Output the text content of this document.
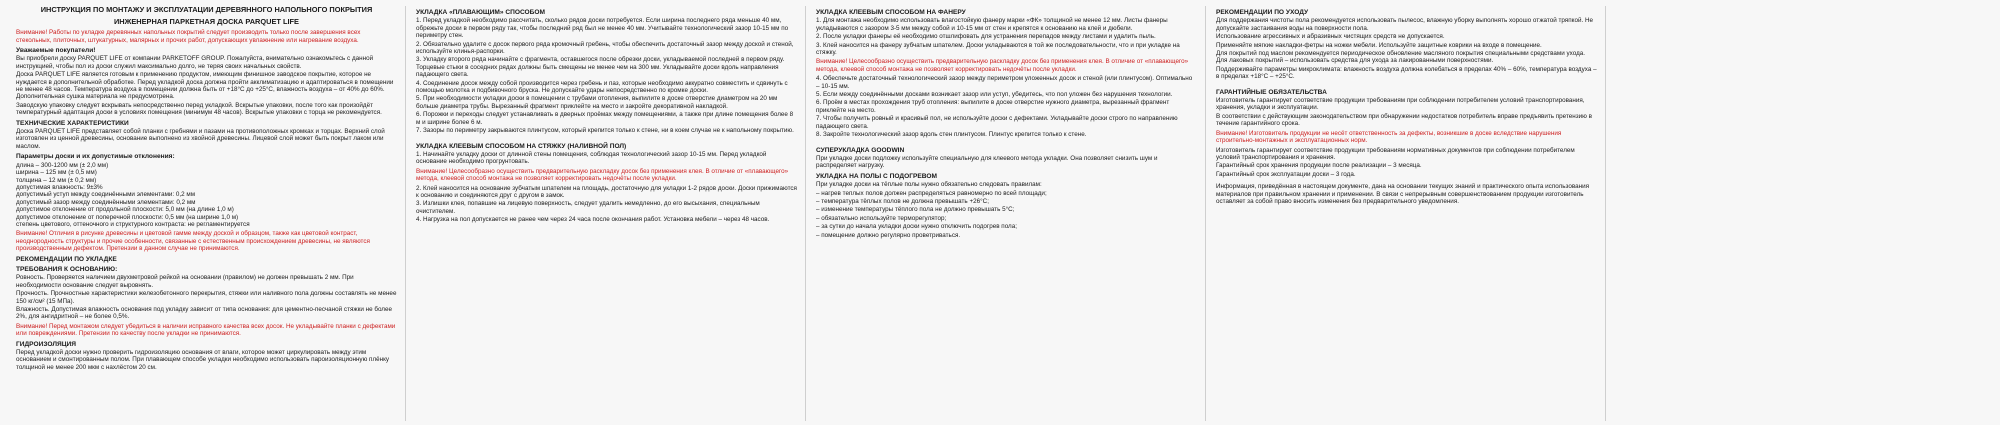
ИНСТРУКЦИЯ ПО МОНТАЖУ И ЭКСПЛУАТАЦИИ ДЕРЕВЯННОГО НАПОЛЬНОГО ПОКРЫТИЯ
ИНЖЕНЕРНАЯ ПАРКЕТНАЯ ДОСКА PARQUET LIFE

Внимание! Работы по укладке деревянных напольных покрытий следует производить только после завершения всех стекольных, плиточных, штукатурных, малярных и прочих работ, допускающих увлажнение или нагревание воздуха.

Уважаемые покупатели!

Вы приобрели доску PARQUET LIFE от компании PARKETOFF GROUP. Пожалуйста, внимательно ознакомьтесь с данной инструкцией, чтобы пол из доски служил максимально долго, не теряя своих начальных свойств.

Доска PARQUET LIFE является готовым к применению продуктом, имеющим финишное заводское покрытие, которое не нуждается в дополнительной обработке. Перед укладкой доска должна пройти акклиматизацию и адаптироваться в помещении не менее 48 часов. Температура воздуха в помещении должна быть от +18°С до +25°С, влажность воздуха – от 40% до 60%. Дополнительная сушка материала не предусмотрена.

Заводскую упаковку следует вскрывать непосредственно перед укладкой. Вскрытые упаковки, после того как произойдёт температурный адаптация доски в условиях помещения (минимум 48 часов). Вскрытые упаковки с торца не рекомендуется.

ТЕХНИЧЕСКИЕ ХАРАКТЕРИСТИКИ

Доска PARQUET LIFE представляет собой планки с гребнями и пазами на противоположных кромках и торцах. Верхний слой изготовлен из ценной древесины, основание выполнено из хвойной древесины. Лицевой слой может быть покрыт лаком или маслом.

Параметры доски и их допустимые отклонения:
длина – 300-1200 мм (± 2,0 мм)
ширина – 125 мм (± 0,5 мм)
толщина – 12 мм (± 0,2 мм)
допустимая влажность: 9±3%
допустимый уступ между соединёнными элементами: 0,2 мм
допустимый зазор между соединёнными элементами: 0,2 мм
допустимое отклонение от продольной плоскости: 5,0 мм (на длине 1,0 м)
допустимое отклонение от поперечной плоскости: 0,5 мм (на ширине 1,0 м)
степень цветового, оттеночного и структурного контраста: не регламентируется

Внимание! Отличия в рисунке древесины и цветовой гамме между доской и образцом, также как цветовой контраст, неоднородность структуры и прочие особенности, связанные с естественным происхождением древесины, не являются производственным дефектом. Претензии в данном случае не принимаются.

РЕКОМЕНДАЦИИ ПО УКЛАДКЕ
ТРЕБОВАНИЯ К ОСНОВАНИЮ:

Ровность. Проверяется наличием двухметровой рейкой на основании (правилом) не должен превышать 2 мм. При необходимости основание следует выровнять.

Прочность. Прочностные характеристики железобетонного перекрытия, стяжки или наливного пола должны составлять не менее 150 кг/см² (15 МПа).

Влажность. Допустимая влажность основания под укладку зависит от типа основания: для цементно-песчаной стяжки не более 2%, для ангидритной – не более 0,5%.

Внимание! Перед монтажом следует убедиться в наличии исправного качества всех досок. Не укладывайте планки с дефектами или повреждениями. Претензии по качеству после укладки не принимаются.

ГИДРОИЗОЛЯЦИЯ

Перед укладкой доски нужно проверить гидроизоляцию основания от влаги, которое может циркулировать между этим основанием и смонтированным полом. При плавающем способе укладки необходимо использовать пароизоляционную плёнку толщиной не менее 200 мкм с нахлёстом 20 см.

УКЛАДКА «ПЛАВАЮЩИМ» СПОСОБОМ

1. Перед укладкой необходимо рассчитать, сколько рядов доски потребуется. Если ширина последнего ряда меньше 40 мм, обрежьте доски в первом ряду так, чтобы последний ряд был не менее 40 мм. Учитывайте технологический зазор 10-15 мм по периметру стен.

2. Обязательно удалите с досок первого ряда кромочный гребень, чтобы обеспечить достаточный зазор между доской и стеной, используйте клинья-распорки.

3. Укладку второго ряда начинайте с фрагмента, оставшегося после обрезки доски, укладываемой последней в первом ряду. Торцевые стыки в соседних рядах должны быть смещены не менее чем на 300 мм. Укладывайте доски вдоль направления падающего света.

4. Соединение досок между собой производится через гребень и паз, которые необходимо аккуратно совместить и сдвинуть с помощью молотка и подбивочного бруска. Не допускайте удары непосредственно по кромке доски.

5. При необходимости укладки доски в помещении с трубами отопления, выпилите в доске отверстие диаметром на 20 мм больше диаметра трубы. Вырезанный фрагмент приклейте на место и закройте декоративной накладкой.

6. Порожки и переходы следует устанавливать в дверных проёмах между помещениями, а также при длине помещения более 8 м и ширине более 6 м.

7. Зазоры по периметру закрываются плинтусом, который крепится только к стене, ни в коем случае не к напольному покрытию.

УКЛАДКА КЛЕЕВЫМ СПОСОБОМ НА СТЯЖКУ (НАЛИВНОЙ ПОЛ)

1. Начинайте укладку доски от длинной стены помещения, соблюдая технологический зазор 10-15 мм. Перед укладкой основание необходимо прогрунтовать.

Внимание! Целесообразно осуществить предварительную раскладку досок без применения клея. В отличие от «плавающего» метода, клеевой способ монтажа не позволяет корректировать недочёты после укладки.

2. Клей наносится на основание зубчатым шпателем на площадь, достаточную для укладки 1-2 рядов доски. Доски прижимаются к основанию и соединяются друг с другом в замок.

3. Излишки клея, попавшие на лицевую поверхность, следует удалить немедленно, до его высыхания, специальным очистителем.

4. Нагрузка на пол допускается не ранее чем через 24 часа после окончания работ. Установка мебели – через 48 часов.

УКЛАДКА КЛЕЕВЫМ СПОСОБОМ НА ФАНЕРУ

1. Для монтажа необходимо использовать влагостойкую фанеру марки «ФК» толщиной не менее 12 мм. Листы фанеры укладываются с зазором 3-5 мм между собой и 10-15 мм от стен и крепятся к основанию на клей и дюбели.

2. После укладки фанеры её необходимо отшлифовать для устранения перепадов между листами и удалить пыль.

3. Клей наносится на фанеру зубчатым шпателем. Доски укладываются в той же последовательности, что и при укладке на стяжку.

Внимание! Целесообразно осуществить предварительную раскладку досок без применения клея. В отличие от «плавающего» метода, клеевой способ монтажа не позволяет корректировать недочёты после укладки.

4. Обеспечьте достаточный технологический зазор между периметром уложенных досок и стеной (или плинтусом). Оптимально – 10-15 мм.

5. Если между соединёнными досками возникает зазор или уступ, убедитесь, что пол уложен без нарушения технологии.

6. Проём в местах прохождения труб отопления: выпилите в доске отверстие нужного диаметра, вырезанный фрагмент приклейте на место.

7. Чтобы получить ровный и красивый пол, не используйте доски с дефектами. Укладывайте доски строго по направлению падающего света.

8. Закройте технологический зазор вдоль стен плинтусом. Плинтус крепится только к стене.

СУПЕРУКЛАДКА GOODWIN

При укладке доски подложку используйте специальную для клеевого метода укладки. Она позволяет снизить шум и распределяет нагрузку.

УКЛАДКА НА ПОЛЫ С ПОДОГРЕВОМ

При укладке доски на тёплые полы нужно обязательно следовать правилам:

– нагрев теплых полов должен распределяться равномерно по всей площади;

– температура тёплых полов не должна превышать +26°С;

– изменение температуры тёплого пола не должно превышать 5°С;

– обязательно используйте терморегулятор;

– за сутки до начала укладки доски нужно отключить подогрев пола;

– помещение должно регулярно проветриваться.

РЕКОМЕНДАЦИИ ПО УХОДУ

Для поддержания чистоты пола рекомендуется использовать пылесос, влажную уборку выполнять хорошо отжатой тряпкой. Не допускайте застаивания воды на поверхности пола.

Использование агрессивных и абразивных чистящих средств не допускается.

Применяйте мягкие накладки-фетры на ножки мебели. Используйте защитные коврики на входе в помещение.

Для покрытий под маслом рекомендуется периодическое обновление масляного покрытия специальными средствами ухода. Для лаковых покрытий – использовать средства для ухода за лакированными поверхностями.

Поддерживайте параметры микроклимата: влажность воздуха должна колебаться в пределах 40% – 60%, температура воздуха – в пределах +18°С – +25°С.

ГАРАНТИЙНЫЕ ОБЯЗАТЕЛЬСТВА

Изготовитель гарантирует соответствие продукции требованиям при соблюдении потребителем условий транспортирования, хранения, укладки и эксплуатации.

В соответствии с действующим законодательством при обнаружении недостатков потребитель вправе предъявить претензию в течение гарантийного срока.

Внимание! Изготовитель продукции не несёт ответственность за дефекты, возникшие в доске вследствие нарушения строительно-монтажных и эксплуатационных норм.

Изготовитель гарантирует соответствие продукции требованиям нормативных документов при соблюдении потребителем условий транспортирования и хранения.

Гарантийный срок хранения продукции после реализации – 3 месяца.

Гарантийный срок эксплуатации доски – 3 года.

Информация, приведённая в настоящем документе, дана на основании текущих знаний и практического опыта использования материалов при правильном хранении и применении. В связи с непрерывным совершенствованием продукции изготовитель оставляет за собой право вносить изменения без предварительного уведомления.
